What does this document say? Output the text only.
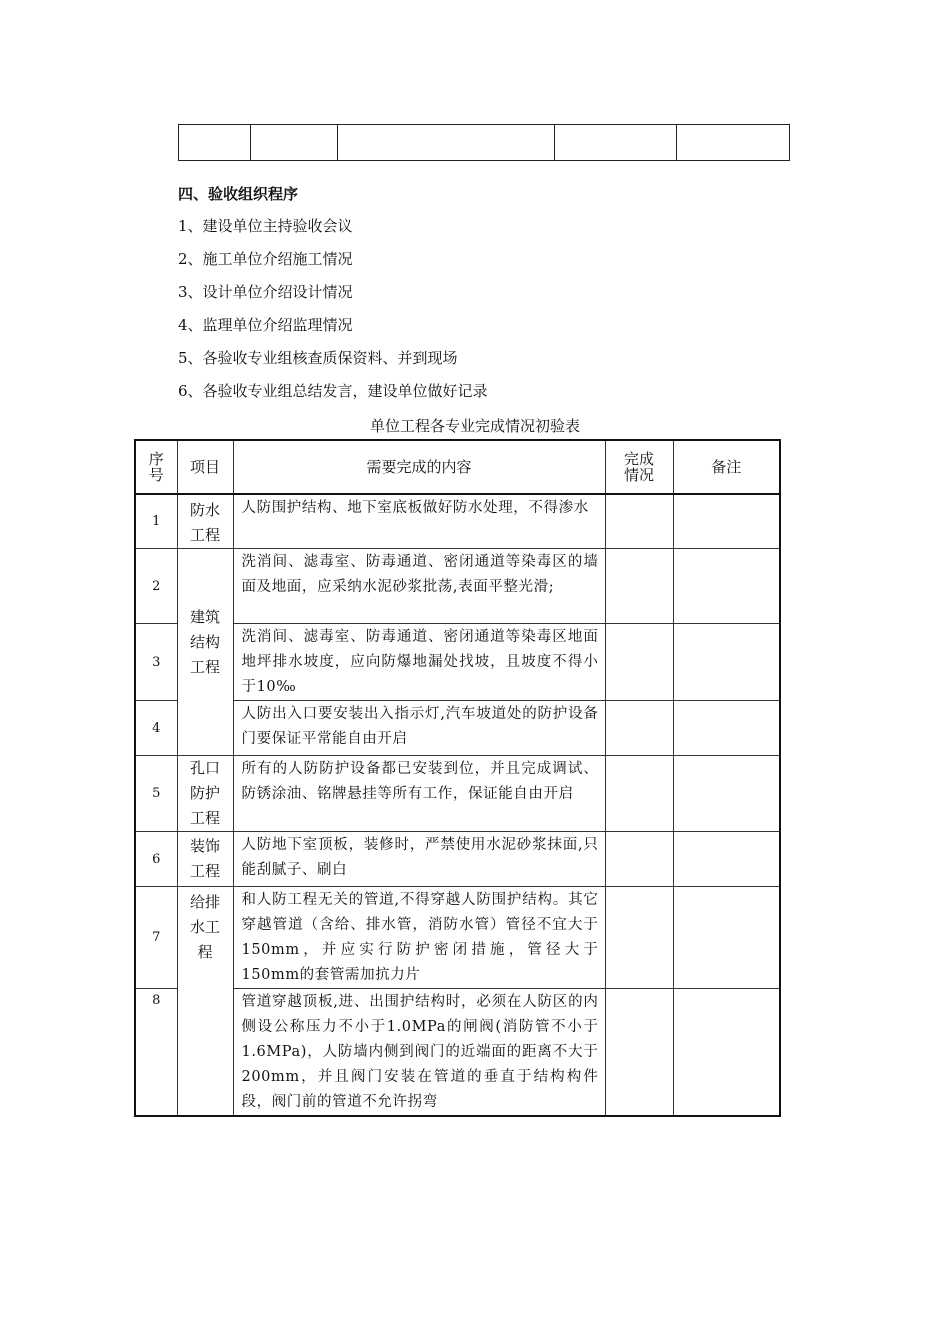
四、验收组织程序
1、建设单位主持验收会议
2、施工单位介绍施工情况
3、设计单位介绍设计情况
4、监理单位介绍监理情况
5、各验收专业组核查质保资料、并到现场
6、各验收专业组总结发言，建设单位做好记录
单位工程各专业完成情况初验表
序号	项目	需要完成的内容	完成情况	备注
1	防水工程	人防围护结构、地下室底板做好防水处理，不得渗水		
2	建筑结构工程	洗消间、滤毒室、防毒通道、密闭通道等染毒区的墙面及地面，应采纳水泥砂浆批荡,表面平整光滑;		
3		洗消间、滤毒室、防毒通道、密闭通道等染毒区地面地坪排水坡度，应向防爆地漏处找坡，且坡度不得小于10‰		
4		人防出入口要安装出入指示灯,汽车坡道处的防护设备门要保证平常能自由开启		
5	孔口防护工程	所有的人防防护设备都已安装到位，并且完成调试、防锈涂油、铭牌悬挂等所有工作，保证能自由开启		
6	装饰工程	人防地下室顶板，装修时，严禁使用水泥砂浆抹面,只能刮腻子、刷白		
7	给排水工程	和人防工程无关的管道,不得穿越人防围护结构。其它穿越管道（含给、排水管，消防水管）管径不宜大于150mm，并应实行防护密闭措施，管径大于150mm的套管需加抗力片		
8		管道穿越顶板,进、出围护结构时，必须在人防区的内侧设公称压力不小于1.0MPa的闸阀(消防管不小于1.6MPa)，人防墙内侧到阀门的近端面的距离不大于200mm，并且阀门安装在管道的垂直于结构构件段，阀门前的管道不允许拐弯		
